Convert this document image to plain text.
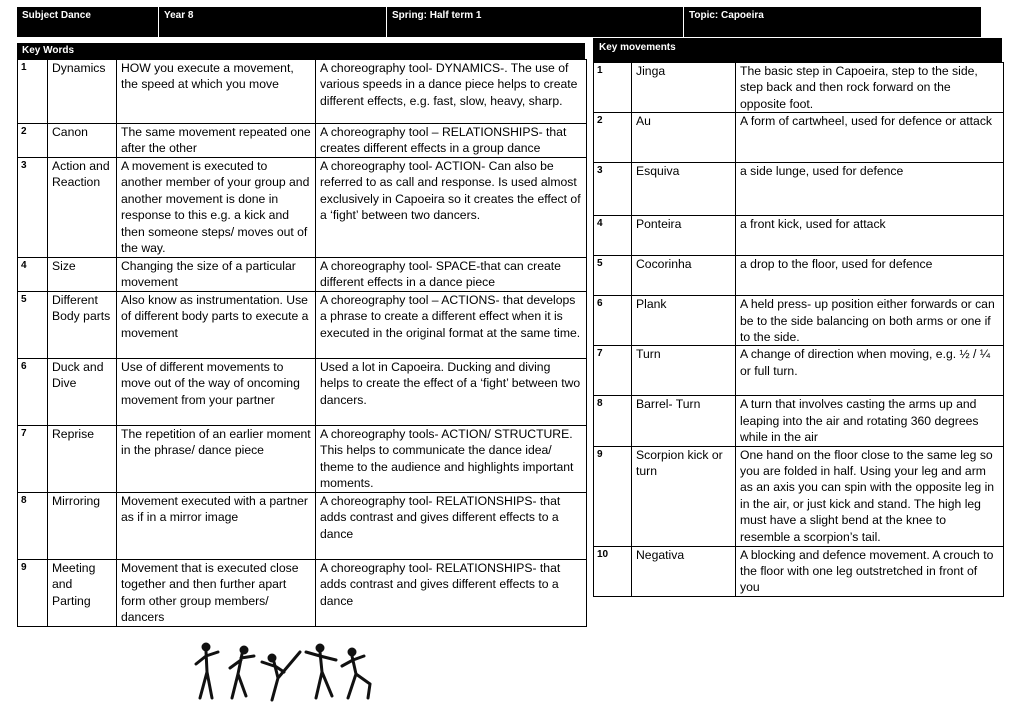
Subject Dance	Year 8	Spring: Half term 1	Topic: Capoeira
Key Words
1	Dynamics	HOW you execute a movement, the speed at which you move	A choreography tool- DYNAMICS-. The use of various speeds in a dance piece helps to create different effects, e.g. fast, slow, heavy, sharp.
2	Canon	The same movement repeated one after the other	A choreography tool – RELATIONSHIPS- that creates different effects in a group dance
3	Action and Reaction	A movement is executed to another member of your group and another movement is done in response to this e.g. a kick and then someone steps/ moves out of the way.	A choreography tool- ACTION- Can also be referred to as call and response. Is used almost exclusively in Capoeira so it creates the effect of a ‘fight’ between two dancers.
4	Size	Changing the size of a particular movement	A choreography tool- SPACE-that can create different effects in a dance piece
5	Different Body parts	Also know as instrumentation. Use of different body parts to execute a movement	A choreography tool – ACTIONS- that develops a phrase to create a different effect when it is executed in the original format at the same time.
6	Duck and Dive	Use of different movements to move out of the way of oncoming movement from your partner	Used a lot in Capoeira. Ducking and diving helps to create the effect of a ‘fight’ between two dancers.
7	Reprise	The repetition of an earlier moment in the phrase/ dance piece	A choreography tools- ACTION/ STRUCTURE. This helps to communicate the dance idea/ theme to the audience and highlights important moments.
8	Mirroring	Movement executed with a partner as if in a mirror image	A choreography tool- RELATIONSHIPS- that adds contrast and gives different effects to a dance
9	Meeting and Parting	Movement that is executed close together and then further apart form other group members/ dancers	A choreography tool- RELATIONSHIPS- that adds contrast and gives different effects to a dance
Key movements
1	Jinga	The basic step in Capoeira, step to the side, step back and then rock forward on the opposite foot.
2	Au	A form of cartwheel, used for defence or attack
3	Esquiva	a side lunge, used for defence
4	Ponteira	a front kick, used for attack
5	Cocorinha	a drop to the floor, used for defence
6	Plank	A held press- up position either forwards or can be to the side balancing on both arms or one if to the side.
7	Turn	A change of direction when moving, e.g. ½ / ¼ or full turn.
8	Barrel- Turn	A turn that involves casting the arms up and leaping into the air and rotating 360 degrees while in the air
9	Scorpion kick or turn	One hand on the floor close to the same leg so you are folded in half. Using your leg and arm as an axis you can spin with the opposite leg in in the air, or just kick and stand. The high leg must have a slight bend at the knee to resemble a scorpion’s tail.
10	Negativa	A blocking and defence movement. A crouch to the floor with one leg outstretched in front of you
